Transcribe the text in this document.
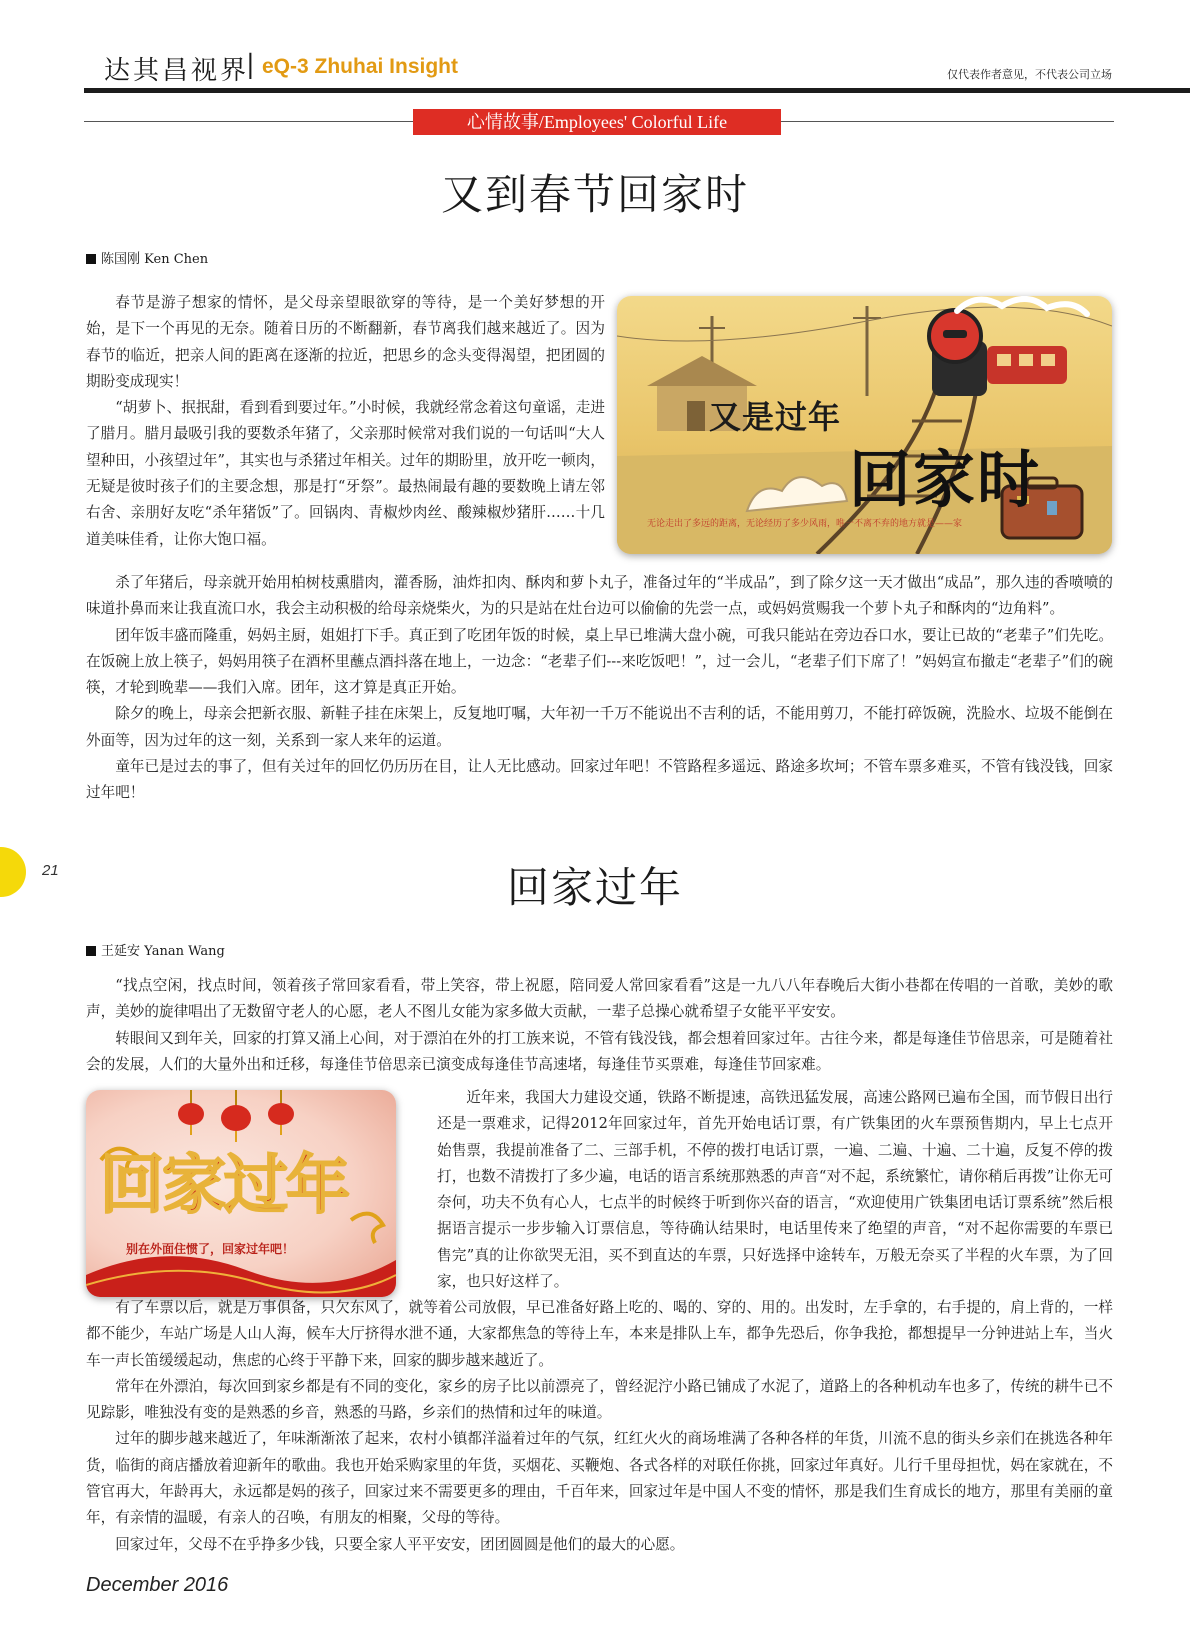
达其昌视界
| eQ-3 Zhuhai Insight	仅代表作者意见，不代表公司立场
心情故事/Employees' Colorful Life
又到春节回家时
陈国刚 Ken Chen

春节是游子想家的情怀，是父母亲望眼欲穿的等待，是一个美好梦想的开始，是下一个再见的无奈。随着日历的不断翻新，春节离我们越来越近了。因为春节的临近，把亲人间的距离在逐渐的拉近，把思乡的念头变得渴望，把团圆的期盼变成现实！

“胡萝卜、抿抿甜，看到看到要过年。”小时候，我就经常念着这句童谣，走进了腊月。腊月最吸引我的要数杀年猪了，父亲那时候常对我们说的一句话叫“大人望种田，小孩望过年”，其实也与杀猪过年相关。过年的期盼里，放开吃一顿肉，无疑是彼时孩子们的主要念想，那是打“牙祭”。最热闹最有趣的要数晚上请左邻右舍、亲朋好友吃“杀年猪饭”了。回锅肉、青椒炒肉丝、酸辣椒炒猪肝……十几道美味佳肴，让你大饱口福。

又是过年
回家时
无论走出了多远的距离，无论经历了多少风雨，唯一不离不弃的地方就是——家

杀了年猪后，母亲就开始用柏树枝熏腊肉，灌香肠，油炸扣肉、酥肉和萝卜丸子，准备过年的“半成品”，到了除夕这一天才做出“成品”，那久违的香喷喷的味道扑鼻而来让我直流口水，我会主动积极的给母亲烧柴火，为的只是站在灶台边可以偷偷的先尝一点，或妈妈赏赐我一个萝卜丸子和酥肉的“边角料”。

团年饭丰盛而隆重，妈妈主厨，姐姐打下手。真正到了吃团年饭的时候，桌上早已堆满大盘小碗，可我只能站在旁边吞口水，要让已故的“老辈子”们先吃。在饭碗上放上筷子，妈妈用筷子在酒杯里蘸点酒抖落在地上，一边念：“老辈子们---来吃饭吧！”，过一会儿，“老辈子们下席了！”妈妈宣布撤走“老辈子”们的碗筷，才轮到晚辈——我们入席。团年，这才算是真正开始。

除夕的晚上，母亲会把新衣服、新鞋子挂在床架上，反复地叮嘱，大年初一千万不能说出不吉利的话，不能用剪刀，不能打碎饭碗，洗脸水、垃圾不能倒在外面等，因为过年的这一刻，关系到一家人来年的运道。

童年已是过去的事了，但有关过年的回忆仍历历在目，让人无比感动。回家过年吧！不管路程多遥远、路途多坎坷；不管车票多难买，不管有钱没钱，回家过年吧！

21	回家过年
王延安 Yanan Wang

“找点空闲，找点时间，领着孩子常回家看看，带上笑容，带上祝愿，陪同爱人常回家看看”这是一九八八年春晚后大街小巷都在传唱的一首歌，美妙的歌声，美妙的旋律唱出了无数留守老人的心愿，老人不图儿女能为家多做大贡献，一辈子总操心就希望子女能平平安安。

转眼间又到年关，回家的打算又涌上心间，对于漂泊在外的打工族来说，不管有钱没钱，都会想着回家过年。古往今来，都是每逢佳节倍思亲，可是随着社会的发展，人们的大量外出和迁移，每逢佳节倍思亲已演变成每逢佳节高速堵，每逢佳节买票难，每逢佳节回家难。

回家过年
别在外面住惯了，回家过年吧！

近年来，我国大力建设交通，铁路不断提速，高铁迅猛发展，高速公路网已遍布全国，而节假日出行还是一票难求，记得2012年回家过年，首先开始电话订票，有广铁集团的火车票预售期内，早上七点开始售票，我提前准备了二、三部手机，不停的拨打电话订票，一遍、二遍、十遍、二十遍，反复不停的拨打，也数不清拨打了多少遍，电话的语言系统那熟悉的声音“对不起，系统繁忙，请你稍后再拨”让你无可奈何，功夫不负有心人，七点半的时候终于听到你兴奋的语言，“欢迎使用广铁集团电话订票系统”然后根据语言提示一步步输入订票信息，等待确认结果时，电话里传来了绝望的声音，“对不起你需要的车票已售完”真的让你欲哭无泪，买不到直达的车票，只好选择中途转车，万般无奈买了半程的火车票，为了回家，也只好这样了。

有了车票以后，就是万事俱备，只欠东风了，就等着公司放假，早已准备好路上吃的、喝的、穿的、用的。出发时，左手拿的，右手提的，肩上背的，一样都不能少，车站广场是人山人海，候车大厅挤得水泄不通，大家都焦急的等待上车，本来是排队上车，都争先恐后，你争我抢，都想提早一分钟进站上车，当火车一声长笛缓缓起动，焦虑的心终于平静下来，回家的脚步越来越近了。

常年在外漂泊，每次回到家乡都是有不同的变化，家乡的房子比以前漂亮了，曾经泥泞小路已铺成了水泥了，道路上的各种机动车也多了，传统的耕牛已不见踪影，唯独没有变的是熟悉的乡音，熟悉的马路，乡亲们的热情和过年的味道。

过年的脚步越来越近了，年味渐渐浓了起来，农村小镇都洋溢着过年的气氛，红红火火的商场堆满了各种各样的年货，川流不息的街头乡亲们在挑选各种年货，临街的商店播放着迎新年的歌曲。我也开始采购家里的年货，买烟花、买鞭炮、各式各样的对联任你挑，回家过年真好。儿行千里母担忧，妈在家就在，不管官再大，年龄再大，永远都是妈的孩子，回家过来不需要更多的理由，千百年来，回家过年是中国人不变的情怀，那是我们生育成长的地方，那里有美丽的童年，有亲情的温暖，有亲人的召唤，有朋友的相聚，父母的等待。

回家过年，父母不在乎挣多少钱，只要全家人平平安安，团团圆圆是他们的最大的心愿。

December 2016
